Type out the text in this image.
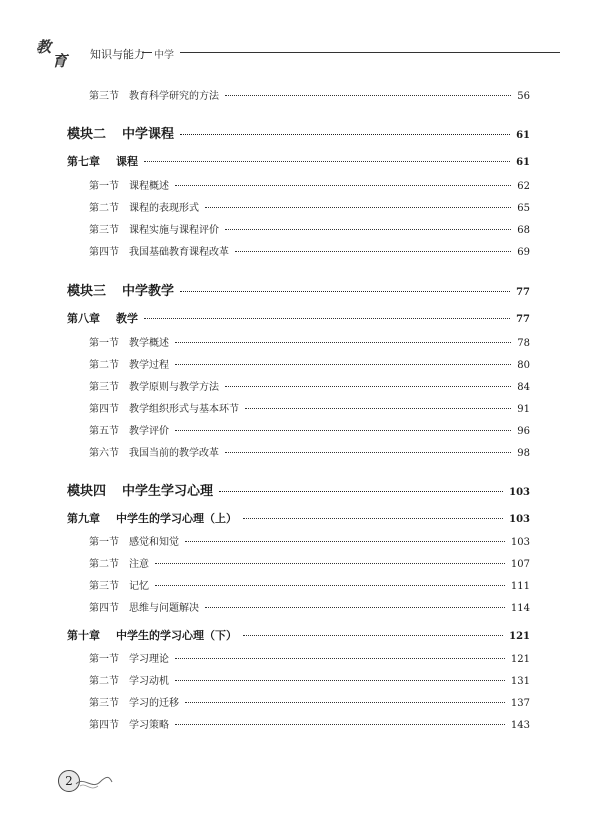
教
育 知识与能力 中学
第三节 教育科学研究的方法	56
模块二 中学课程	61
第七章 课程	61
第一节 课程概述	62
第二节 课程的表现形式	65
第三节 课程实施与课程评价	68
第四节 我国基础教育课程改革	69
模块三 中学教学	77
第八章 教学	77
第一节 教学概述	78
第二节 教学过程	80
第三节 教学原则与教学方法	84
第四节 教学组织形式与基本环节	91
第五节 教学评价	96
第六节 我国当前的教学改革	98
模块四 中学生学习心理	103
第九章 中学生的学习心理（上）	103
第一节 感觉和知觉	103
第二节 注意	107
第三节 记忆	111
第四节 思维与问题解决	114
第十章 中学生的学习心理（下）	121
第一节 学习理论	121
第二节 学习动机	131
第三节 学习的迁移	137
第四节 学习策略	143
2
